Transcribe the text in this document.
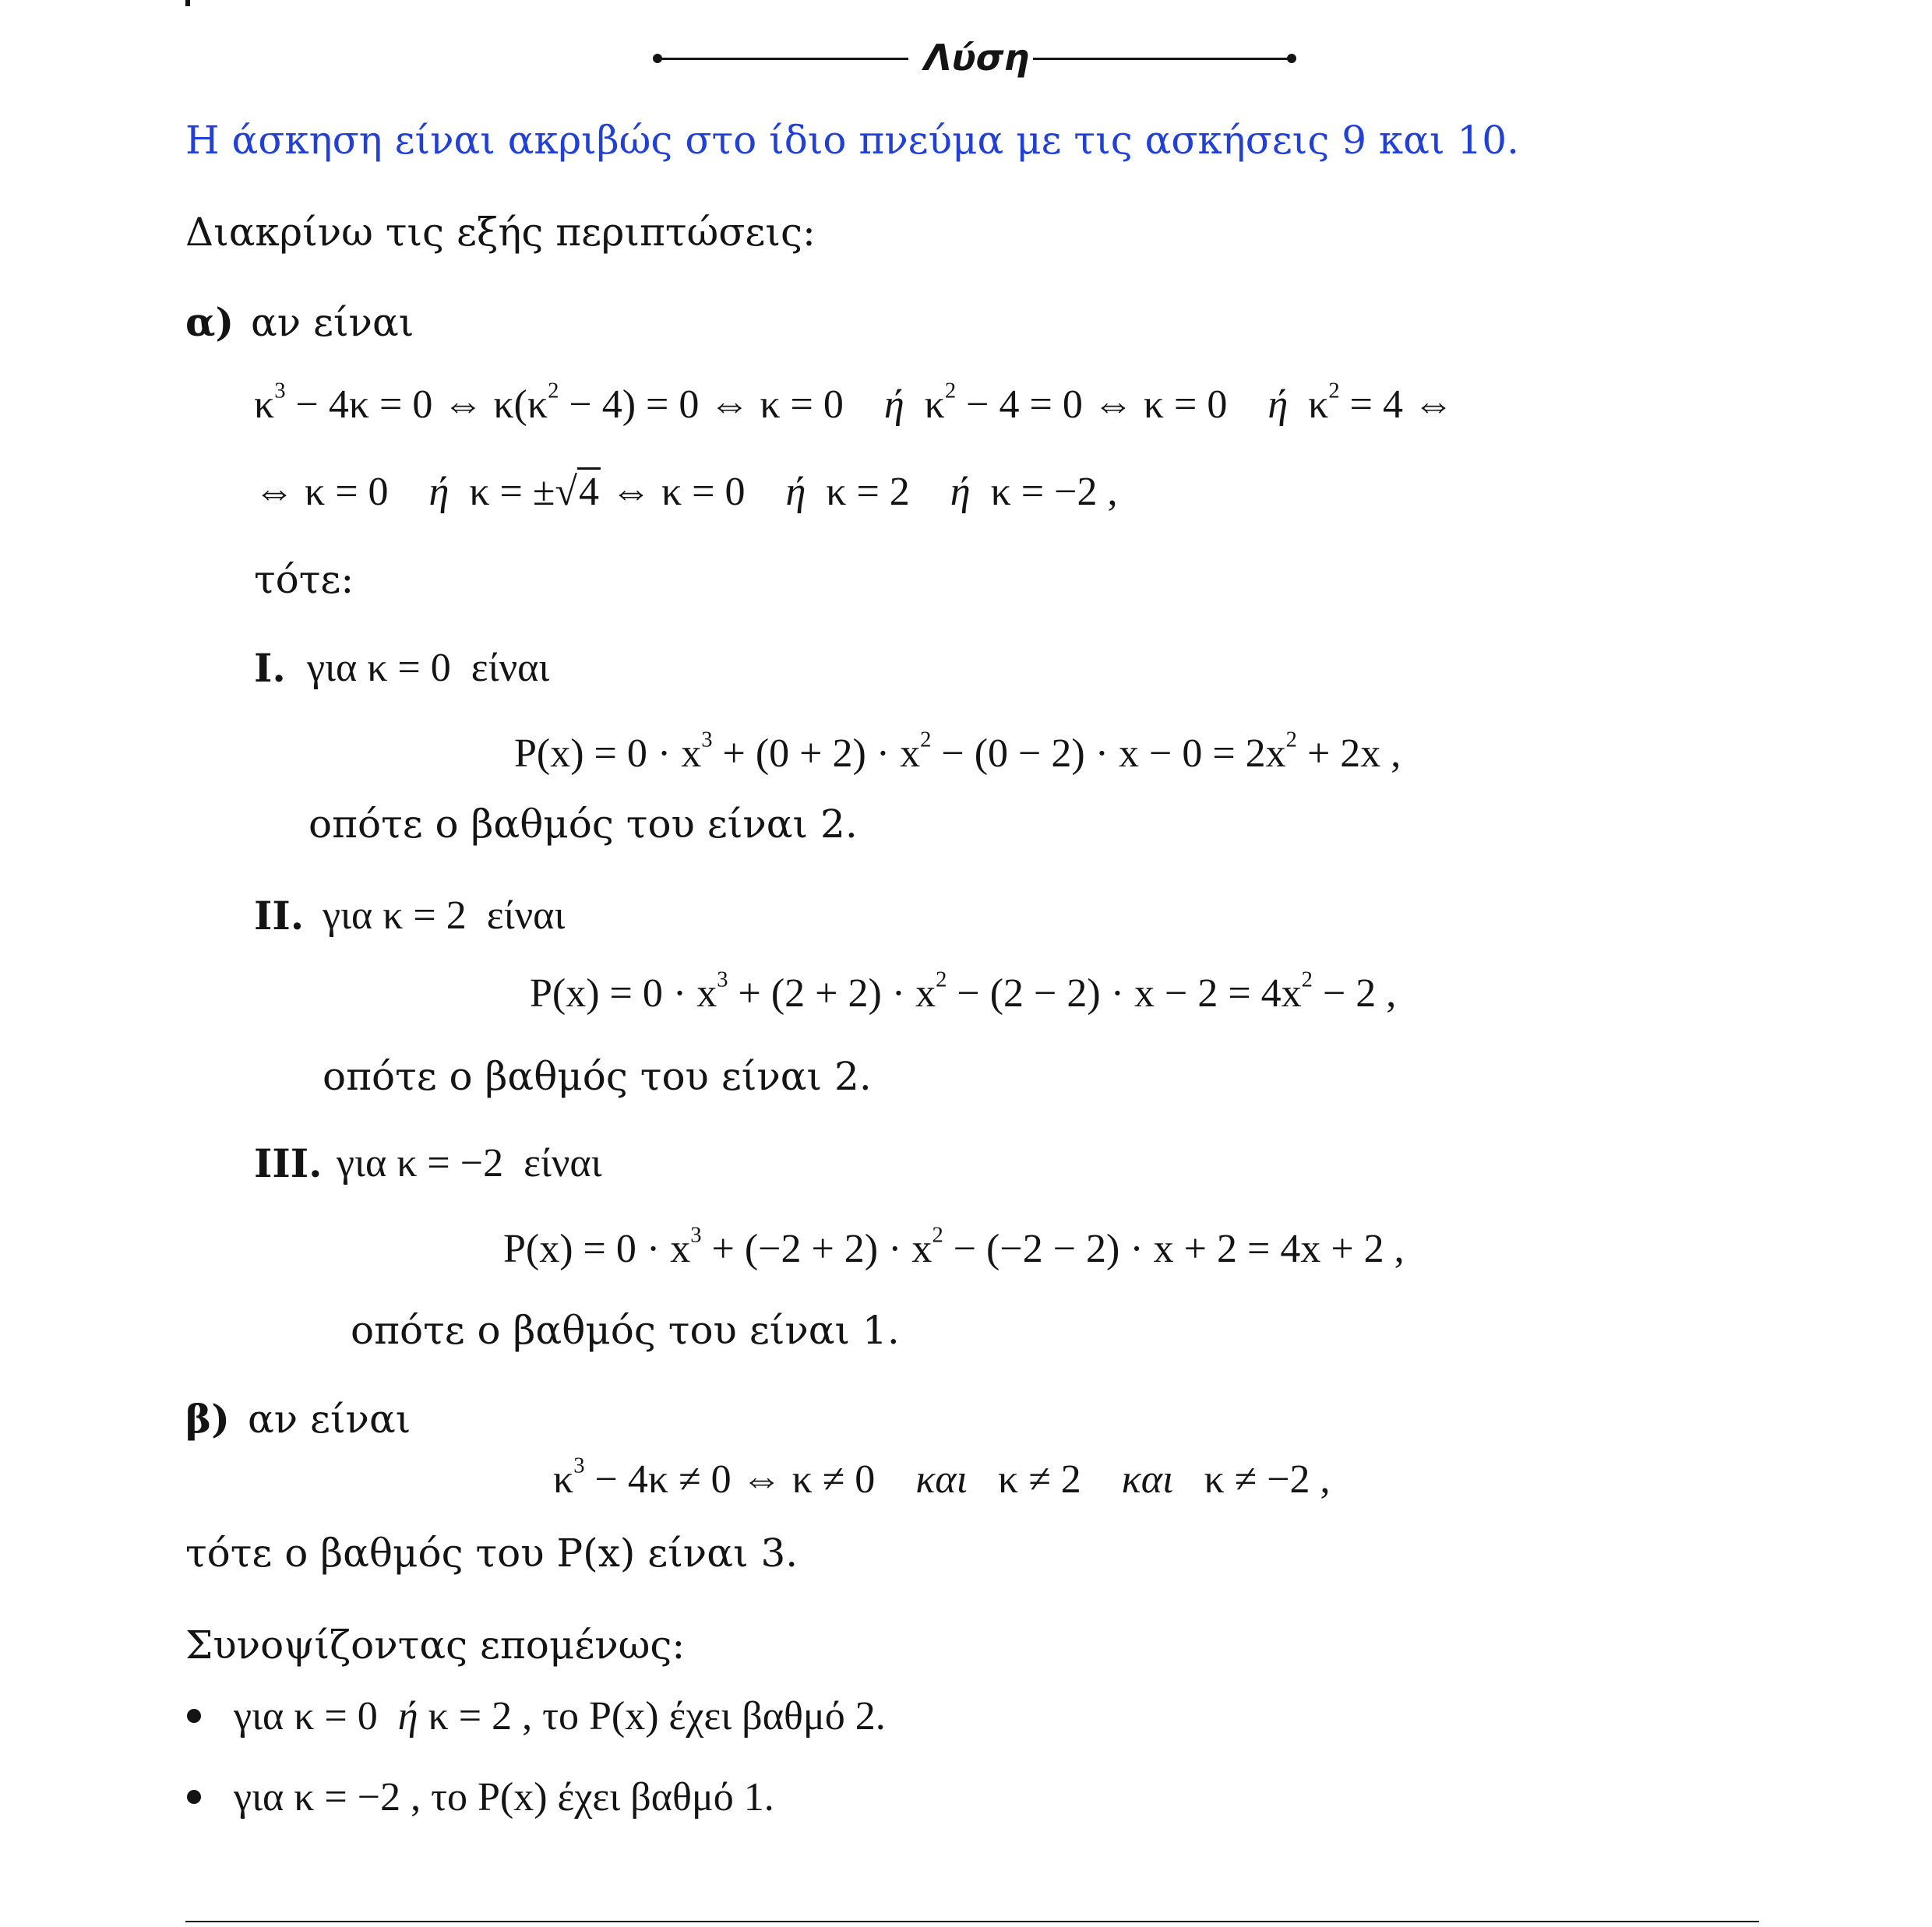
Λύση
Η άσκηση είναι ακριβώς στο ίδιο πνεύμα με τις ασκήσεις 9 και 10.
Διακρίνω τις εξής περιπτώσεις:
α) αν είναι
$\kappa^3 - 4\kappa = 0$ ⇔ $\kappa(\kappa^2 - 4) = 0$ ⇔ κ = 0    ή  $\kappa^2 - 4 = 0$ ⇔ κ = 0    ή  $\kappa^2 = 4$ ⇔
⇔ κ = 0    ή  κ = ±√4 ⇔ κ = 0    ή  κ = 2    ή  κ = −2 ,
τότε:
I. για κ = 0  είναι
$P(x) = 0 \cdot x^3 + (0 + 2) \cdot x^2 - (0 - 2) \cdot x - 0 = 2x^2 + 2x$ ,
οπότε ο βαθμός του είναι 2.
II. για κ = 2  είναι
$P(x) = 0 \cdot x^3 + (2 + 2) \cdot x^2 - (2 - 2) \cdot x - 2 = 4x^2 - 2$ ,
οπότε ο βαθμός του είναι 2.
III. για κ = −2  είναι
$P(x) = 0 \cdot x^3 + (-2 + 2) \cdot x^2 - (-2 - 2) \cdot x + 2 = 4x + 2$ ,
οπότε ο βαθμός του είναι 1.
β) αν είναι
$\kappa^3 - 4\kappa \ne 0$ ⇔ κ ≠ 0    και   κ ≠ 2    και   κ ≠ −2 ,
τότε ο βαθμός του P(x) είναι 3.
Συνοψίζοντας επομένως:
για κ = 0  ή κ = 2 , το P(x) έχει βαθμό 2.
για κ = −2 , το P(x) έχει βαθμό 1.
